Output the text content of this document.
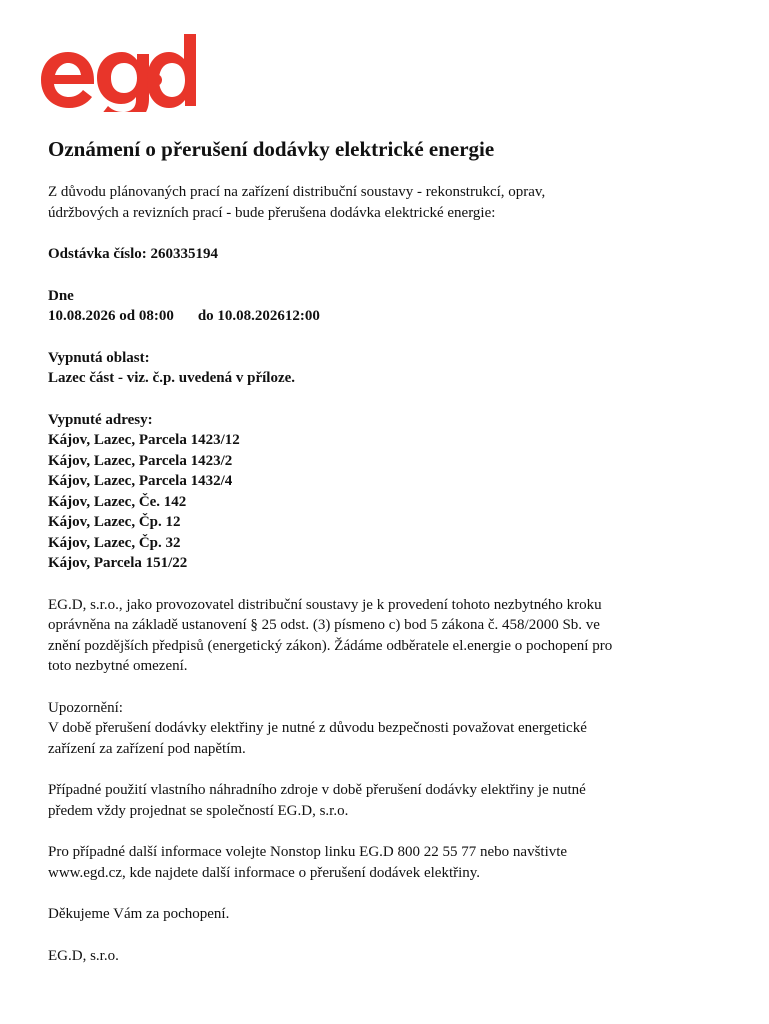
Oznámení o přerušení dodávky elektrické energie

Z důvodu plánovaných prací na zařízení distribuční soustavy - rekonstrukcí, oprav,

údržbových a revizních prací - bude přerušena dodávka elektrické energie:

Odstávka číslo: 260335194

Dne

10.08.2026 od 08:00 do 10.08.202612:00

Vypnutá oblast:

Lazec část - viz. č.p. uvedená v příloze.

Vypnuté adresy:

Kájov, Lazec, Parcela 1423/12

Kájov, Lazec, Parcela 1423/2

Kájov, Lazec, Parcela 1432/4

Kájov, Lazec, Če. 142

Kájov, Lazec, Čp. 12

Kájov, Lazec, Čp. 32

Kájov, Parcela 151/22

EG.D, s.r.o., jako provozovatel distribuční soustavy je k provedení tohoto nezbytného kroku

oprávněna na základě ustanovení § 25 odst. (3) písmeno c) bod 5 zákona č. 458/2000 Sb. ve

znění pozdějších předpisů (energetický zákon). Žádáme odběratele el.energie o pochopení pro

toto nezbytné omezení.

Upozornění:

V době přerušení dodávky elektřiny je nutné z důvodu bezpečnosti považovat energetické

zařízení za zařízení pod napětím.

Případné použití vlastního náhradního zdroje v době přerušení dodávky elektřiny je nutné

předem vždy projednat se společností EG.D, s.r.o.

Pro případné další informace volejte Nonstop linku EG.D 800 22 55 77 nebo navštivte

www.egd.cz, kde najdete další informace o přerušení dodávek elektřiny.

Děkujeme Vám za pochopení.

EG.D, s.r.o.
